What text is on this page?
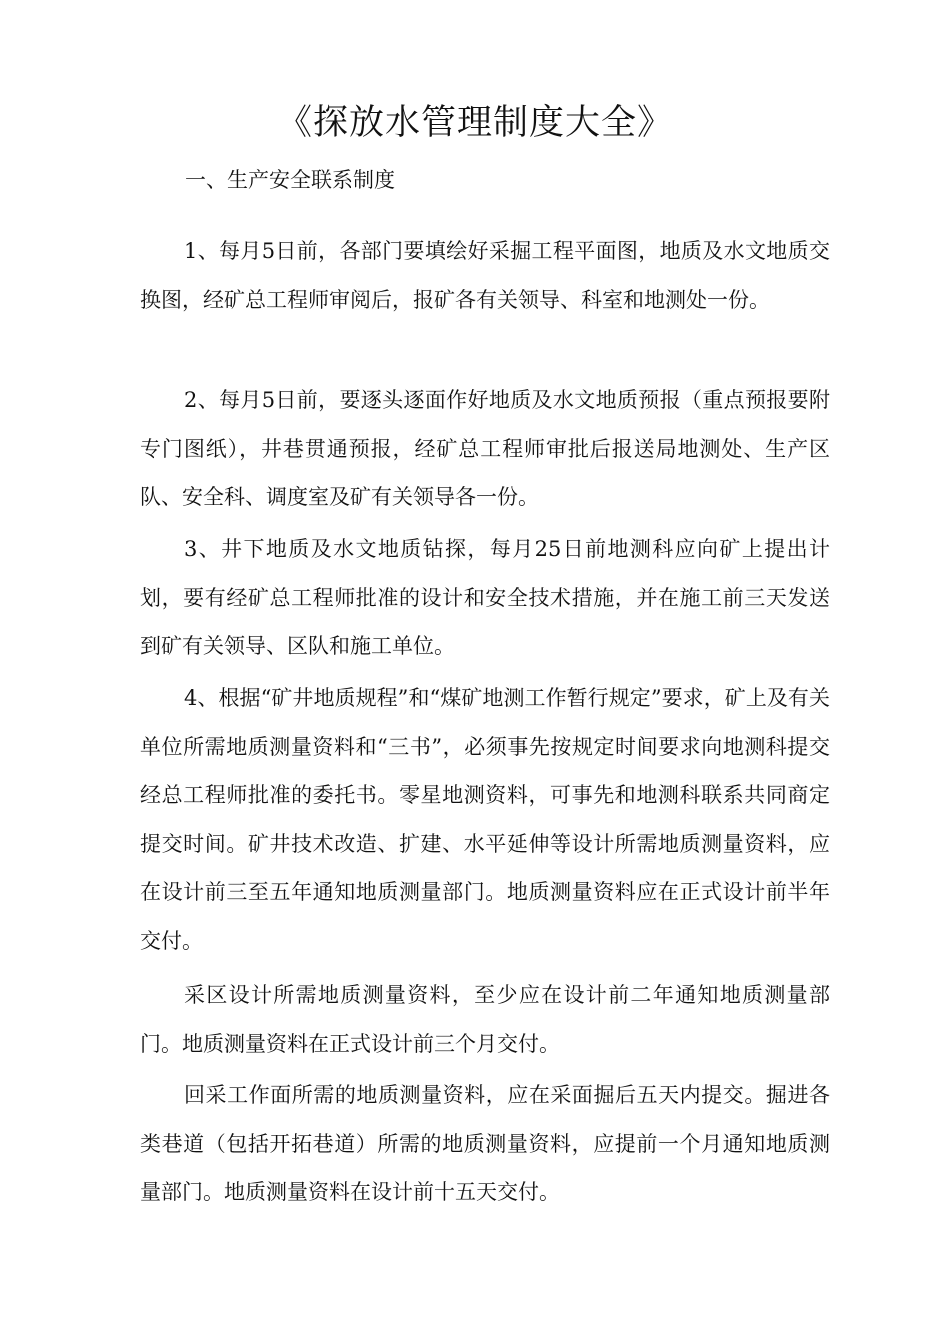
《探放水管理制度大全》
一、生产安全联系制度

1、每月5日前，各部门要填绘好采掘工程平面图，地质及水文地质交换图，经矿总工程师审阅后，报矿各有关领导、科室和地测处一份。

2、每月5日前，要逐头逐面作好地质及水文地质预报（重点预报要附专门图纸），井巷贯通预报，经矿总工程师审批后报送局地测处、生产区队、安全科、调度室及矿有关领导各一份。

3、井下地质及水文地质钻探，每月25日前地测科应向矿上提出计划，要有经矿总工程师批准的设计和安全技术措施，并在施工前三天发送到矿有关领导、区队和施工单位。

4、根据“矿井地质规程”和“煤矿地测工作暂行规定”要求，矿上及有关单位所需地质测量资料和“三书”，必须事先按规定时间要求向地测科提交经总工程师批准的委托书。零星地测资料，可事先和地测科联系共同商定提交时间。矿井技术改造、扩建、水平延伸等设计所需地质测量资料，应在设计前三至五年通知地质测量部门。地质测量资料应在正式设计前半年交付。

采区设计所需地质测量资料，至少应在设计前二年通知地质测量部门。地质测量资料在正式设计前三个月交付。

回采工作面所需的地质测量资料，应在采面掘后五天内提交。掘进各类巷道（包括开拓巷道）所需的地质测量资料，应提前一个月通知地质测量部门。地质测量资料在设计前十五天交付。
